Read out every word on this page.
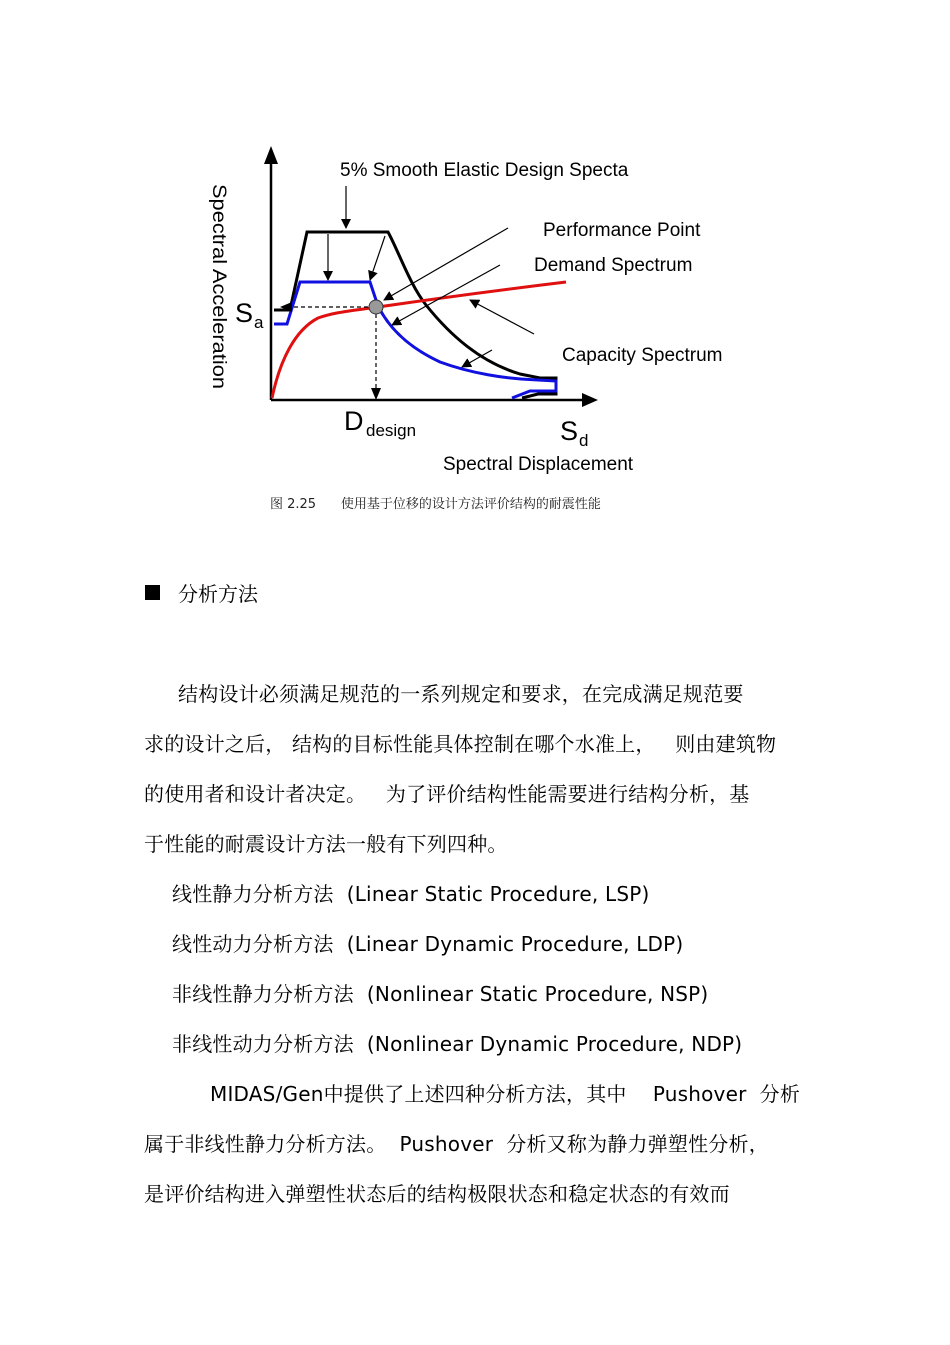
5% Smooth Elastic Design Specta
Performance Point
Demand Spectrum
Capacity Spectrum
Spectral Displacement
S a
S d
D design
Spectral Acceleration
图 2.25      使用基于位移的设计方法评价结构的耐震性能
分析方法
结构设计必须满足规范的一系列规定和要求，在完成满足规范要
求的设计之后， 结构的目标性能具体控制在哪个水准上，   则由建筑物
的使用者和设计者决定。   为了评价结构性能需要进行结构分析，基
于性能的耐震设计方法一般有下列四种。
线性静力分析方法  (Linear Static Procedure, LSP)
线性动力分析方法  (Linear Dynamic Procedure, LDP)
非线性静力分析方法  (Nonlinear Static Procedure, NSP)
非线性动力分析方法  (Nonlinear Dynamic Procedure, NDP)
MIDAS/Gen中提供了上述四种分析方法，其中    Pushover  分析
属于非线性静力分析方法。  Pushover  分析又称为静力弹塑性分析，
是评价结构进入弹塑性状态后的结构极限状态和稳定状态的有效而
